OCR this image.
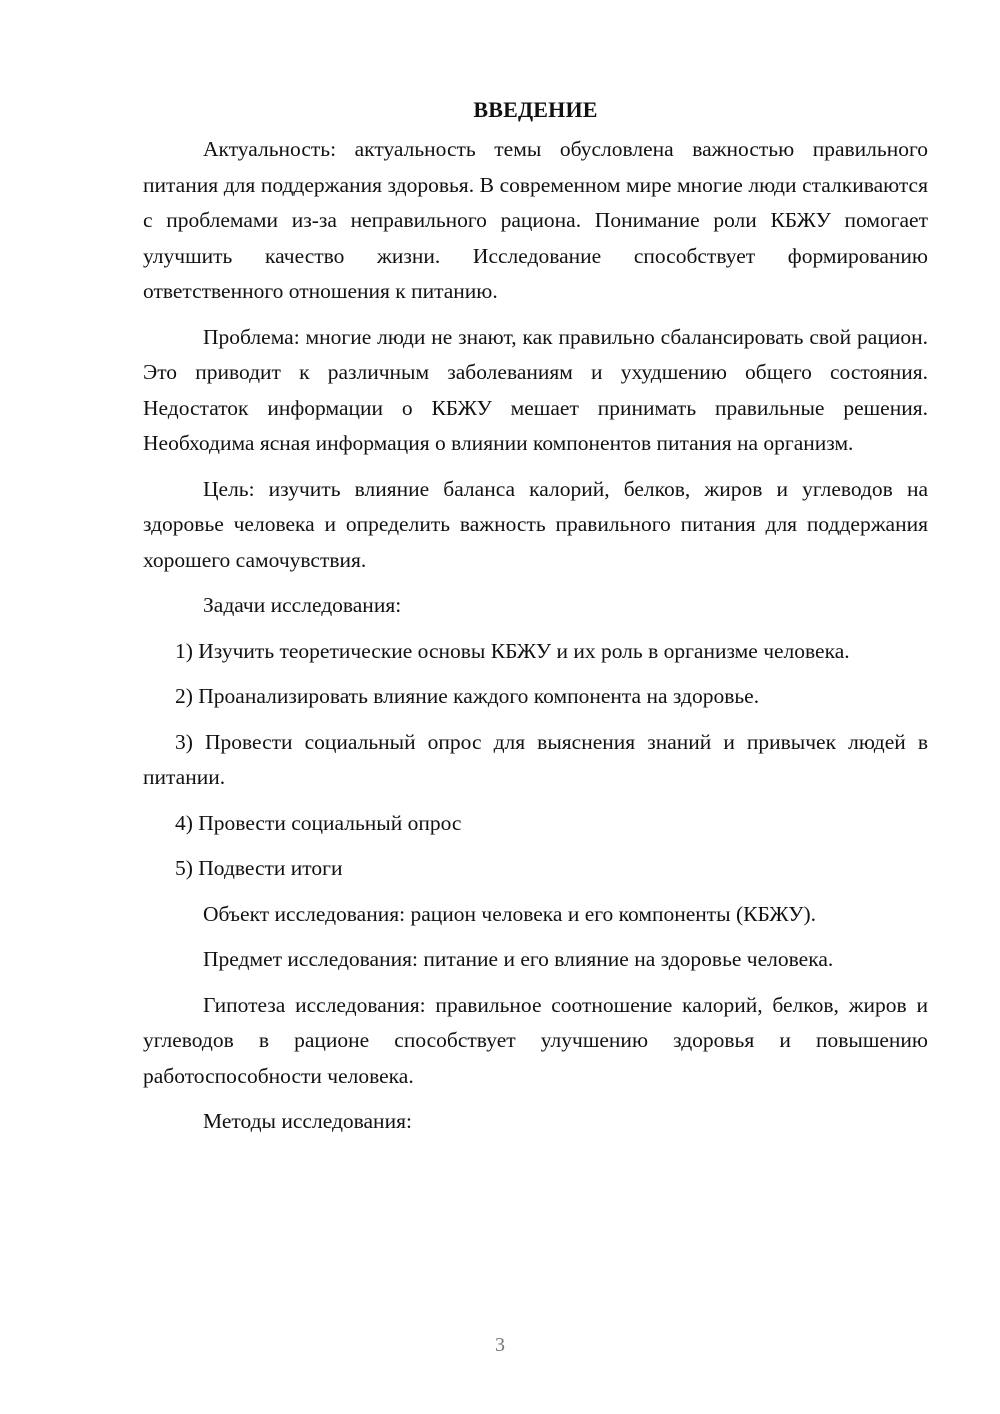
ВВЕДЕНИЕ

Актуальность: актуальность темы обусловлена важностью правильного питания для поддержания здоровья. В современном мире многие люди сталкиваются с проблемами из-за неправильного рациона. Понимание роли КБЖУ помогает улучшить качество жизни. Исследование способствует формированию ответственного отношения к питанию.

Проблема: многие люди не знают, как правильно сбалансировать свой рацион. Это приводит к различным заболеваниям и ухудшению общего состояния. Недостаток информации о КБЖУ мешает принимать правильные решения. Необходима ясная информация о влиянии компонентов питания на организм.

Цель: изучить влияние баланса калорий, белков, жиров и углеводов на здоровье человека и определить важность правильного питания для поддержания хорошего самочувствия.

Задачи исследования:

1) Изучить теоретические основы КБЖУ и их роль в организме человека.

2) Проанализировать влияние каждого компонента на здоровье.

3) Провести социальный опрос для выяснения знаний и привычек людей в питании.

4) Провести социальный опрос

5) Подвести итоги

Объект исследования: рацион человека и его компоненты (КБЖУ).

Предмет исследования: питание и его влияние на здоровье человека.

Гипотеза исследования: правильное соотношение калорий, белков, жиров и углеводов в рационе способствует улучшению здоровья и повышению работоспособности человека.

Методы исследования:

3
